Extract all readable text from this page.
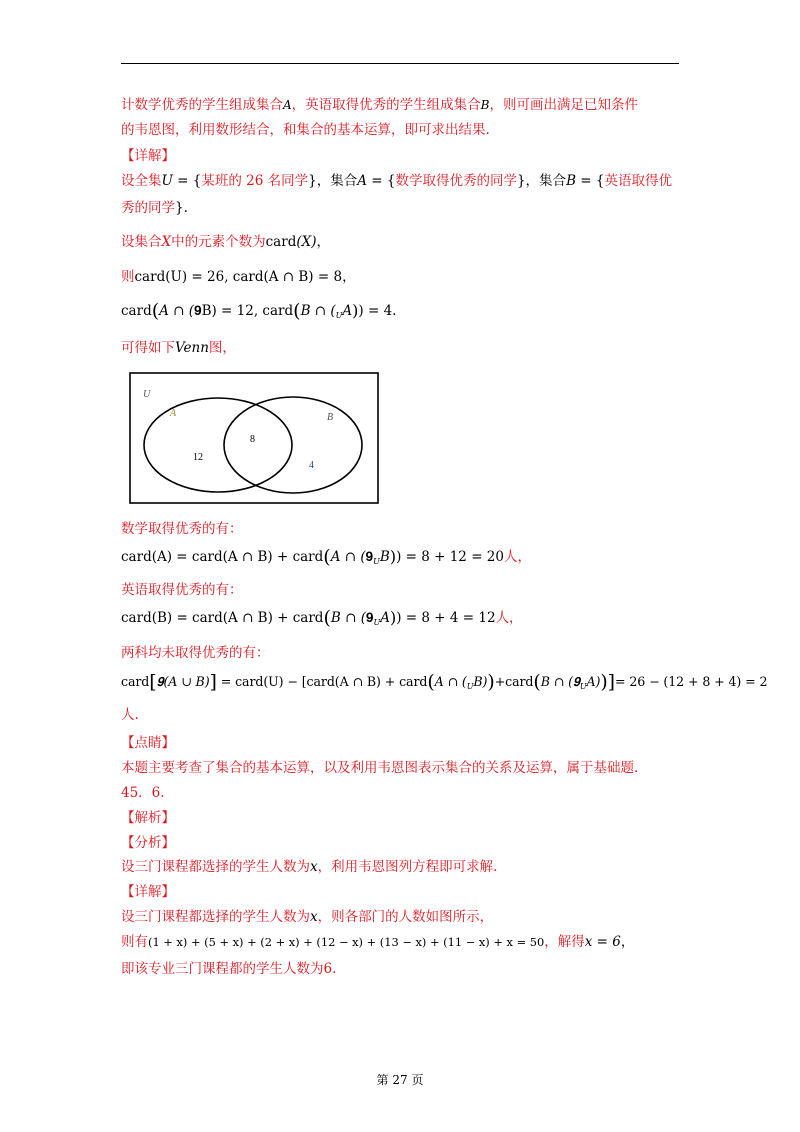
计数学优秀的学生组成集合A，英语取得优秀的学生组成集合B，则可画出满足已知条件
的韦恩图，利用数形结合，和集合的基本运算，即可求出结果.
【详解】
设全集U = {某班的 26 名同学}，集合A = {数学取得优秀的同学}，集合B = {英语取得优
秀的同学}.
设集合X中的元素个数为card(X)，
则card(U) = 26, card(A ∩ B) = 8，
card(A ∩ (𝟗B) = 12, card(B ∩ $(_UA)) = 4$.
可得如下Venn图，
U
A	B
12
8
4
数学取得优秀的有：
card(A) = card(A ∩ B) + card(A ∩ $(𝟗_UB)) = 8 + 12 = 20$人，
英语取得优秀的有：
card(B) = card(A ∩ B) + card(B ∩ $(𝟗_UA)) = 8 + 4 = 12$人，
两科均未取得优秀的有：
card[𝟗(A ∪ B)] = card(U) − [card(A ∩ B) + card(A ∩ $(_UB))+card(B$ ∩ $(𝟗_UA))]= 26 - (12 + 8 + 4) = 2$
人.
【点睛】
本题主要考查了集合的基本运算，以及利用韦恩图表示集合的关系及运算，属于基础题.
45．6.
【解析】
【分析】
设三门课程都选择的学生人数为x，利用韦恩图列方程即可求解.
【详解】
设三门课程都选择的学生人数为x，则各部门的人数如图所示，
则有(1 + x) + (5 + x) + (2 + x) + (12 − x) + (13 − x) + (11 − x) + x = 50，解得x = 6，
即该专业三门课程都的学生人数为6.
第 27 页
